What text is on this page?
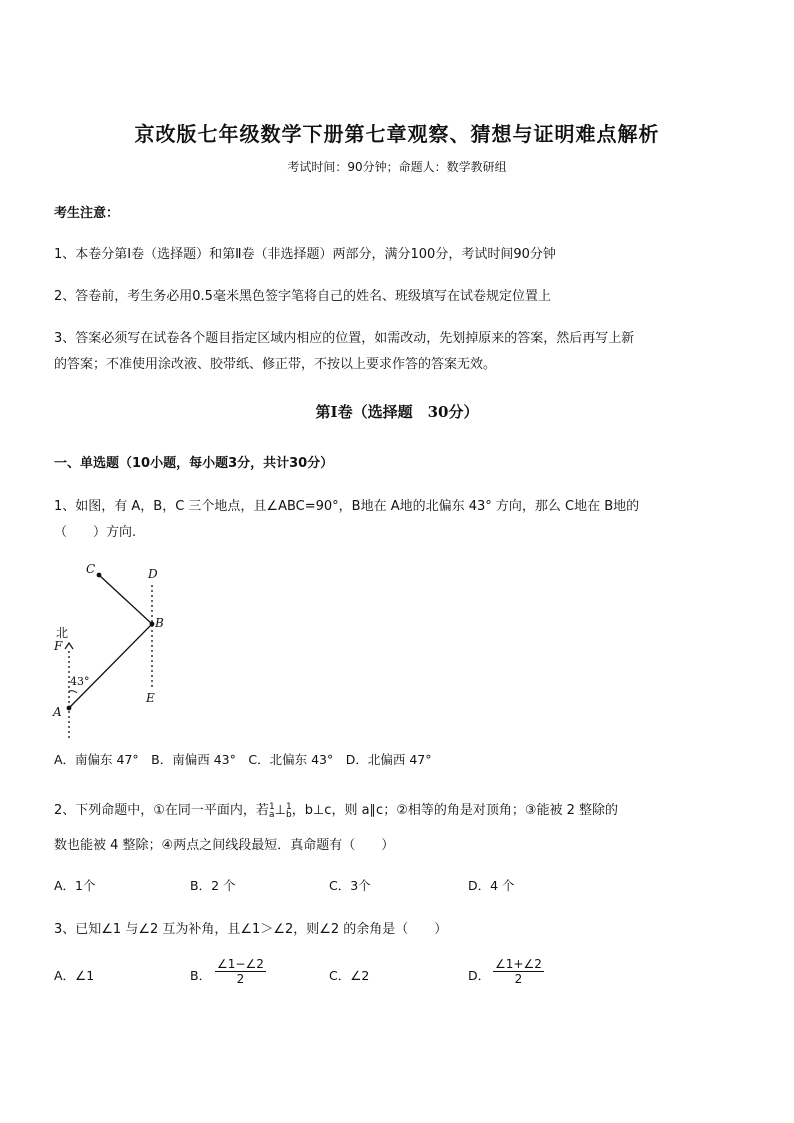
京改版七年级数学下册第七章观察、猜想与证明难点解析
考试时间：90分钟；命题人：数学教研组
考生注意：
1、本卷分第Ⅰ卷（选择题）和第Ⅱ卷（非选择题）两部分，满分100分，考试时间90分钟
2、答卷前，考生务必用0.5毫米黑色签字笔将自己的姓名、班级填写在试卷规定位置上
3、答案必须写在试卷各个题目指定区域内相应的位置，如需改动，先划掉原来的答案，然后再写上新
的答案；不准使用涂改液、胶带纸、修正带，不按以上要求作答的答案无效。
第Ⅰ卷（选择题　30分）
一、单选题（10小题，每小题3分，共计30分）
1、如图，有 A，B，C 三个地点，且∠ABC=90°，B地在 A地的北偏东 43° 方向，那么 C地在 B地的
（　　）方向.
C	D
B
北
F
43°
A
E
A．南偏东 47°　B．南偏西 43°　C．北偏东 43°　D．北偏西 47°
2、下列命题中，①在同一平面内，若1
a⊥1
b，b⊥c，则 a∥c；②相等的角是对顶角；③能被 2 整除的
数也能被 4 整除；④两点之间线段最短．真命题有（　　）
A．1个	B．2 个	C．3个	D．4 个
3、已知∠1 与∠2 互为补角，且∠1＞∠2，则∠2 的余角是（　　）
A．∠1	B． $\frac{\angle 1-\angle 2}{2}$	C．∠2	D． $\frac{\angle 1+\angle 2}{2}$
